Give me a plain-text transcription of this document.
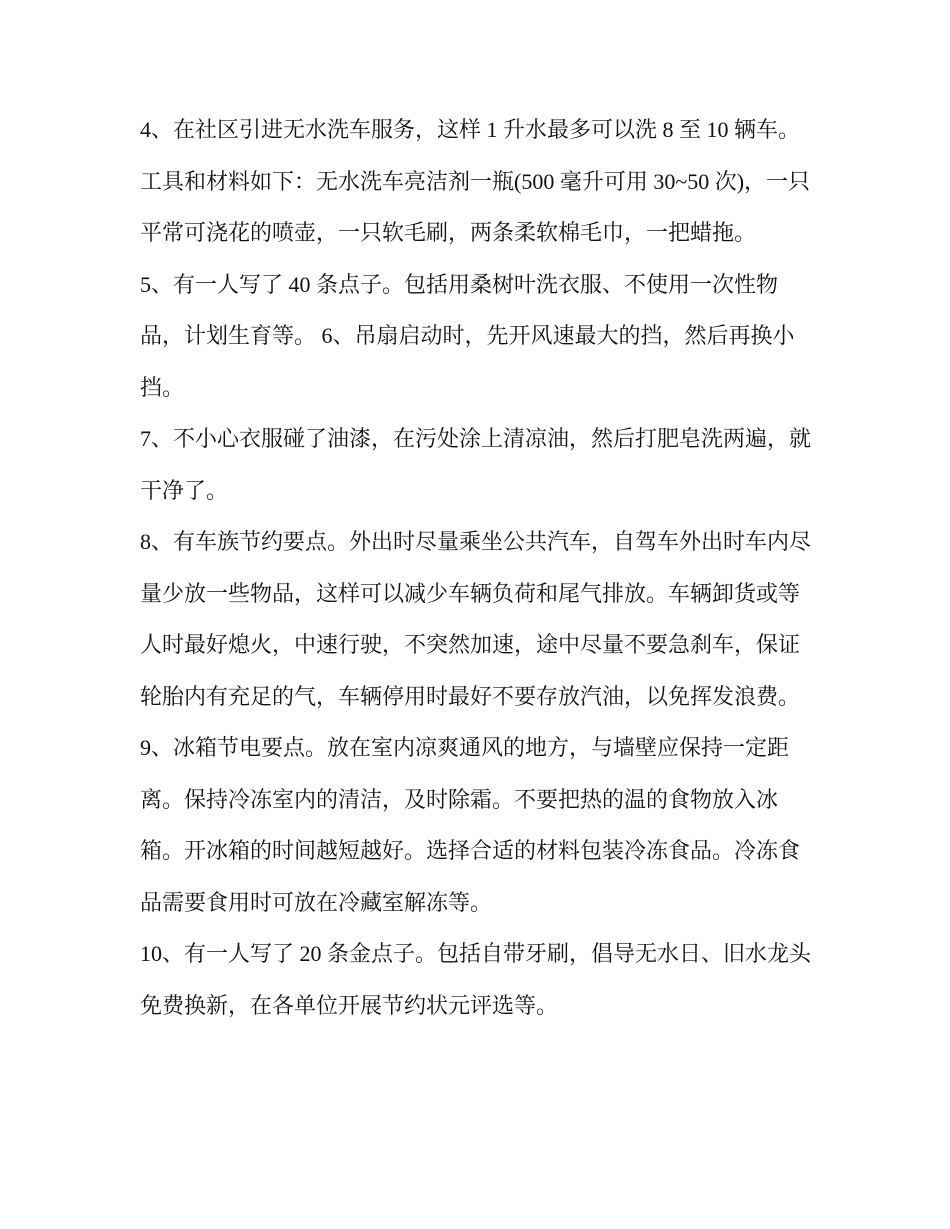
4、在社区引进无水洗车服务，这样 1 升水最多可以洗 8 至 10 辆车。工具和材料如下：无水洗车亮洁剂一瓶(500 毫升可用 30~50 次)，一只平常可浇花的喷壶，一只软毛刷，两条柔软棉毛巾，一把蜡拖。

5、有一人写了 40 条点子。包括用桑树叶洗衣服、不使用一次性物品，计划生育等。 6、吊扇启动时，先开风速最大的挡，然后再换小挡。

7、不小心衣服碰了油漆，在污处涂上清凉油，然后打肥皂洗两遍，就干净了。

8、有车族节约要点。外出时尽量乘坐公共汽车，自驾车外出时车内尽量少放一些物品，这样可以减少车辆负荷和尾气排放。车辆卸货或等人时最好熄火，中速行驶，不突然加速，途中尽量不要急刹车，保证轮胎内有充足的气，车辆停用时最好不要存放汽油，以免挥发浪费。

9、冰箱节电要点。放在室内凉爽通风的地方，与墙壁应保持一定距离。保持冷冻室内的清洁，及时除霜。不要把热的温的食物放入冰箱。开冰箱的时间越短越好。选择合适的材料包装冷冻食品。冷冻食品需要食用时可放在冷藏室解冻等。

10、有一人写了 20 条金点子。包括自带牙刷，倡导无水日、旧水龙头免费换新，在各单位开展节约状元评选等。
